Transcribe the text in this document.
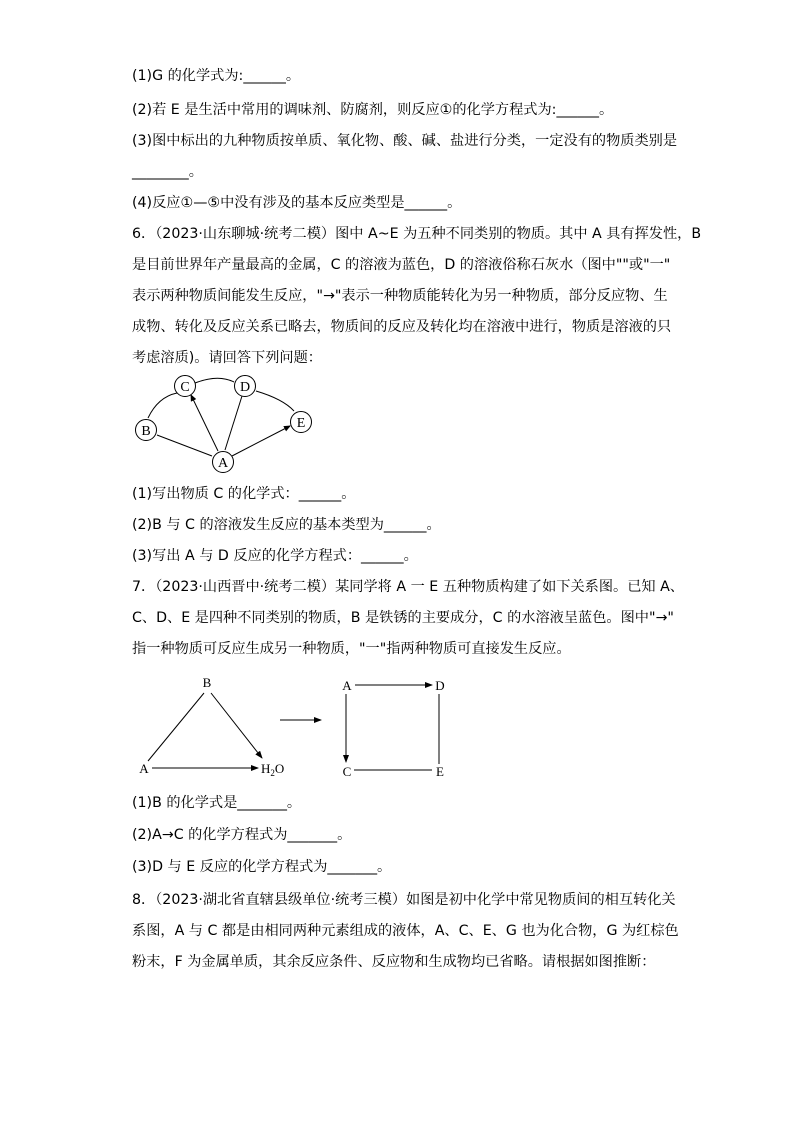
(1)G 的化学式为:______。
(2)若 E 是生活中常用的调味剂、防腐剂，则反应①的化学方程式为:______。
(3)图中标出的九种物质按单质、氧化物、酸、碱、盐进行分类，一定没有的物质类别是
________。
(4)反应①—⑤中没有涉及的基本反应类型是______。
6．（2023·山东聊城·统考二模）图中 A~E 为五种不同类别的物质。其中 A 具有挥发性，B
是目前世界年产量最高的金属，C 的溶液为蓝色，D 的溶液俗称石灰水（图中""或"一"
表示两种物质间能发生反应，"→"表示一种物质能转化为另一种物质，部分反应物、生
成物、转化及反应关系已略去，物质间的反应及转化均在溶液中进行，物质是溶液的只
考虑溶质)。请回答下列问题：
C	D
B
E
A
(1)写出物质 C 的化学式：______。
(2)B 与 C 的溶液发生反应的基本类型为______。
(3)写出 A 与 D 反应的化学方程式：______。
7．（2023·山西晋中·统考二模）某同学将 A 一 E 五种物质构建了如下关系图。已知 A、
C、D、E 是四种不同类别的物质，B 是铁锈的主要成分，C 的水溶液呈蓝色。图中"→"
指一种物质可反应生成另一种物质，"一"指两种物质可直接发生反应。
B
A	$H_2O$
A	D
C	E
(1)B 的化学式是_______。
(2)A→C 的化学方程式为_______。
(3)D 与 E 反应的化学方程式为_______。
8．（2023·湖北省直辖县级单位·统考三模）如图是初中化学中常见物质间的相互转化关
系图，A 与 C 都是由相同两种元素组成的液体，A、C、E、G 也为化合物，G 为红棕色
粉末，F 为金属单质，其余反应条件、反应物和生成物均已省略。请根据如图推断：
